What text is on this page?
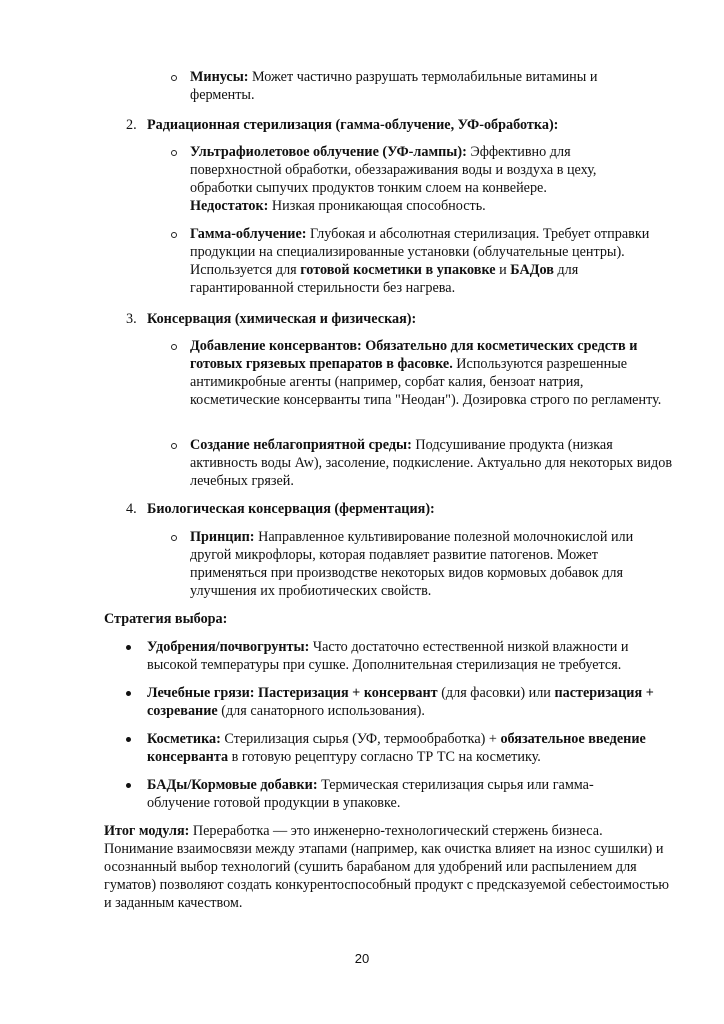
Минусы: Может частично разрушать термолабильные витамины и ферменты.

2. Радиационная стерилизация (гамма-облучение, УФ-обработка):

Ультрафиолетовое облучение (УФ-лампы): Эффективно для поверхностной обработки, обеззараживания воды и воздуха в цеху, обработки сыпучих продуктов тонким слоем на конвейере. Недостаток: Низкая проникающая способность.

Гамма-облучение: Глубокая и абсолютная стерилизация. Требует отправки продукции на специализированные установки (облучательные центры). Используется для готовой косметики в упаковке и БАДов для гарантированной стерильности без нагрева.

3. Консервация (химическая и физическая):

Добавление консервантов: Обязательно для косметических средств и готовых грязевых препаратов в фасовке. Используются разрешенные антимикробные агенты (например, сорбат калия, бензоат натрия, косметические консерванты типа "Неодан"). Дозировка строго по регламенту.

Создание неблагоприятной среды: Подсушивание продукта (низкая активность воды Aw), засоление, подкисление. Актуально для некоторых видов лечебных грязей.

4. Биологическая консервация (ферментация):

Принцип: Направленное культивирование полезной молочнокислой или другой микрофлоры, которая подавляет развитие патогенов. Может применяться при производстве некоторых видов кормовых добавок для улучшения их пробиотических свойств.

Стратегия выбора:

Удобрения/почвогрунты: Часто достаточно естественной низкой влажности и высокой температуры при сушке. Дополнительная стерилизация не требуется.

Лечебные грязи: Пастеризация + консервант (для фасовки) или пастеризация + созревание (для санаторного использования).

Косметика: Стерилизация сырья (УФ, термообработка) + обязательное введение консерванта в готовую рецептуру согласно ТР ТС на косметику.

БАДы/Кормовые добавки: Термическая стерилизация сырья или гамма-облучение готовой продукции в упаковке.

Итог модуля: Переработка — это инженерно-технологический стержень бизнеса. Понимание взаимосвязи между этапами (например, как очистка влияет на износ сушилки) и осознанный выбор технологий (сушить барабаном для удобрений или распылением для гуматов) позволяют создать конкурентоспособный продукт с предсказуемой себестоимостью и заданным качеством.

20
